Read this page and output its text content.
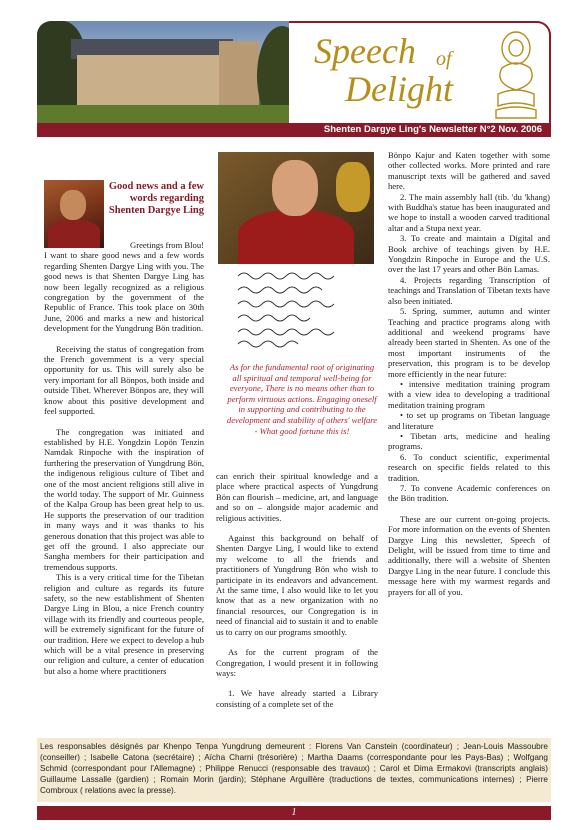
Speech of
Delight
Shenten Dargye Ling's Newsletter N°2 Nov. 2006
Good news and a few words regarding Shenten Dargye Ling

Greetings from Blou! I want to share good news and a few words regarding Shenten Dargye Ling with you. The good news is that Shenten Dargye Ling has now been legally recognized as a religious congregation by the government of the Republic of France. This took place on 30th June, 2006 and marks a new and historical development for the Yungdrung Bön tradition.

Receiving the status of congregation from the French government is a very special opportunity for us. This will surely also be very important for all Bönpos, both inside and outside Tibet. Wherever Bönpos are, they will know about this positive development and feel supported.

The congregation was initiated and established by H.E. Yongdzin Lopön Tenzin Namdak Rinpoche with the inspiration of furthering the preservation of Yungdrung Bön, the indigenous religious culture of Tibet and one of the most ancient religions still alive in the world today. The support of Mr. Guinness of the Kalpa Group has been great help to us. He supports the preservation of our tradition in many ways and it was thanks to his generous donation that this project was able to get off the ground. I also appreciate our Sangha members for their participation and tremendous supports.

This is a very critical time for the Tibetan religion and culture as regards its future safety, so the new establishment of Shenten Dargye Ling in Blou, a nice French country village with its friendly and courteous people, will be extremely significant for the future of our tradition. Here we expect to develop a hub which will be a vital presence in preserving our religion and culture, a center of education but also a home where practitioners

As for the fundamental root of originating all spiritual and temporal well-being for everyone, There is no means other than to perform virtuous actions. Engaging oneself in supporting and contributing to the development and stability of others' welfare - What good fortune this is!

can enrich their spiritual knowledge and a place where practical aspects of Yungdrung Bön can flourish – medicine, art, and language and so on – alongside major academic and religious activities.

Against this background on behalf of Shenten Dargye Ling, I would like to extend my welcome to all the friends and practitioners of Yungdrung Bön who wish to participate in its endeavors and advancement. At the same time, I also would like to let you know that as a new organization with no financial resources, our Congregation is in need of financial aid to sustain it and to enable us to carry on our programs smoothly.

As for the current program of the Congregation, I would present it in following ways:

1. We have already started a Library consisting of a complete set of the

Bönpo Kajur and Katen together with some other collected works. More printed and rare manuscript texts will be gathered and saved here.

2. The main assembly hall (tib. 'du 'khang) with Buddha's statue has been inaugurated and we hope to install a wooden carved traditional altar and a Stupa next year.

3. To create and maintain a Digital and Book archive of teachings given by H.E. Yongdzin Rinpoche in Europe and the U.S. over the last 17 years and other Bön Lamas.

4. Projects regarding Transcription of teachings and Translation of Tibetan texts have also been initiated.

5. Spring, summer, autumn and winter Teaching and practice programs along with additional and weekend programs have already been started in Shenten. As one of the most important instruments of the preservation, this program is to be develop more efficiently in the near future:

• intensive meditation training program with a view idea to developing a traditional meditation training program

• to set up programs on Tibetan language and literature

• Tibetan arts, medicine and healing programs.

6. To conduct scientific, experimental research on specific fields related to this tradition.

7. To convene Academic conferences on the Bön tradition.

These are our current on-going projects. For more information on the events of Shenten Dargye Ling this newsletter, Speech of Delight, will be issued from time to time and additionally, there will a website of Shenten Dargye Ling in the near future. I conclude this message here with my warmest regards and prayers for all of you.

Les responsables désignés par Khenpo Tenpa Yungdrung demeurent : Florens Van Canstein (coordinateur) ; Jean-Louis Massoubre (conseiller) ; Isabelle Catona (secrétaire) ; Aïcha Charni (trésorière) ; Martha Daams (correspondante pour les Pays-Bas) ; Wolfgang Schmid (correspondant pour l'Allemagne) ; Philippe Renucci (responsable des travaux) ; Carol et Dima Ermakovi (transcripts anglais) Guillaume Lassalle (gardien) ; Romain Morin (jardin); Stéphane Arguillère (traductions de textes, communications internes) ; Pierre Combroux ( relations avec la presse).
1
